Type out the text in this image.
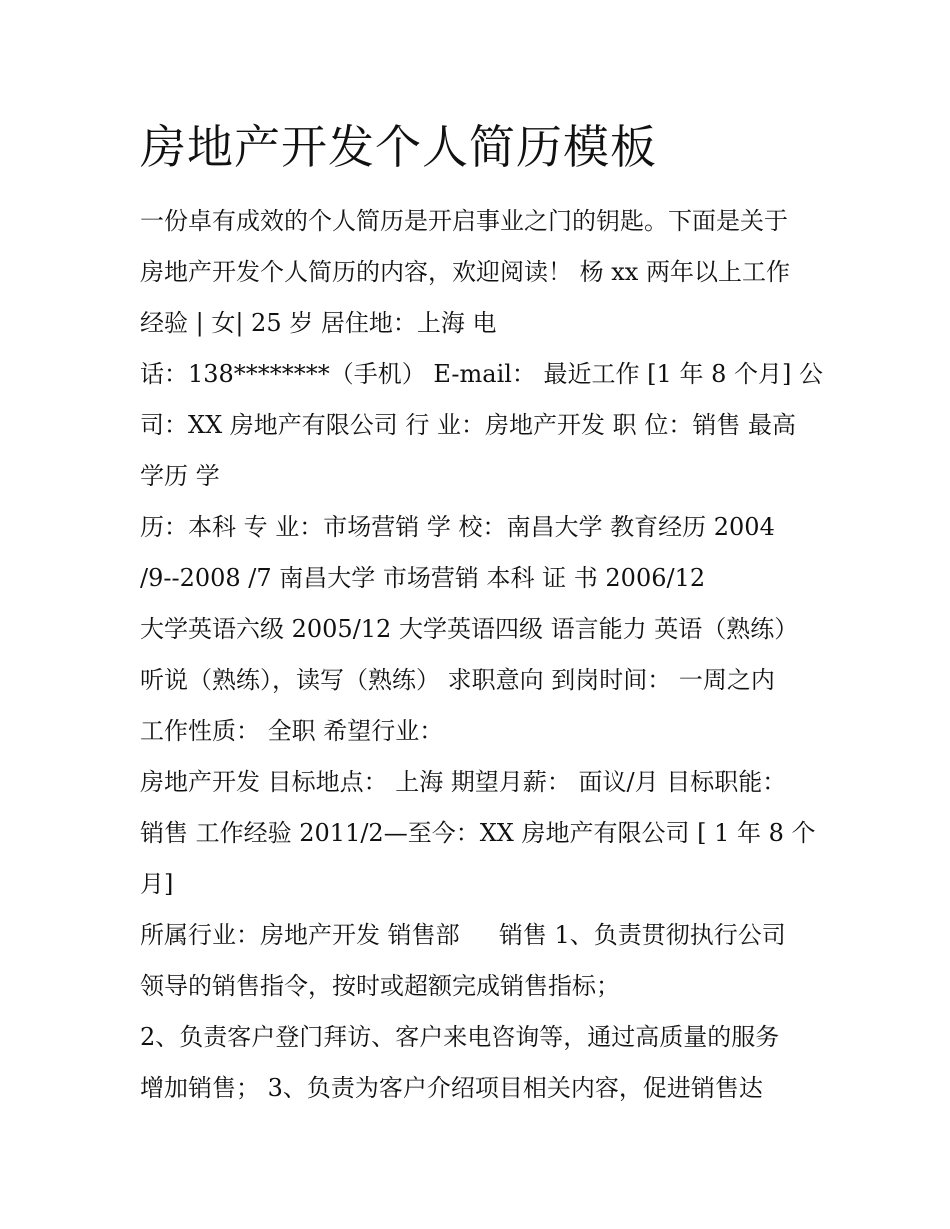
房地产开发个人简历模板
一份卓有成效的个人简历是开启事业之门的钥匙。下面是关于
房地产开发个人简历的内容，欢迎阅读！ 杨 xx 两年以上工作
经验 | 女| 25 岁 居住地：上海 电
话：138********（手机） E-mail： 最近工作 [1 年 8 个月] 公
司：XX 房地产有限公司 行 业：房地产开发 职 位：销售 最高
学历 学
历：本科 专 业：市场营销 学 校：南昌大学 教育经历 2004
/9--2008 /7 南昌大学 市场营销 本科 证 书 2006/12
大学英语六级 2005/12 大学英语四级 语言能力 英语（熟练）
听说（熟练），读写（熟练） 求职意向 到岗时间： 一周之内
工作性质： 全职 希望行业：
房地产开发 目标地点： 上海 期望月薪： 面议/月 目标职能：
销售 工作经验 2011/2—至今：XX 房地产有限公司 [ 1 年 8 个
月]
所属行业：房地产开发 销售部 　 销售 1、负责贯彻执行公司
领导的销售指令，按时或超额完成销售指标；
2、负责客户登门拜访、客户来电咨询等，通过高质量的服务
增加销售； 3、负责为客户介绍项目相关内容，促进销售达
